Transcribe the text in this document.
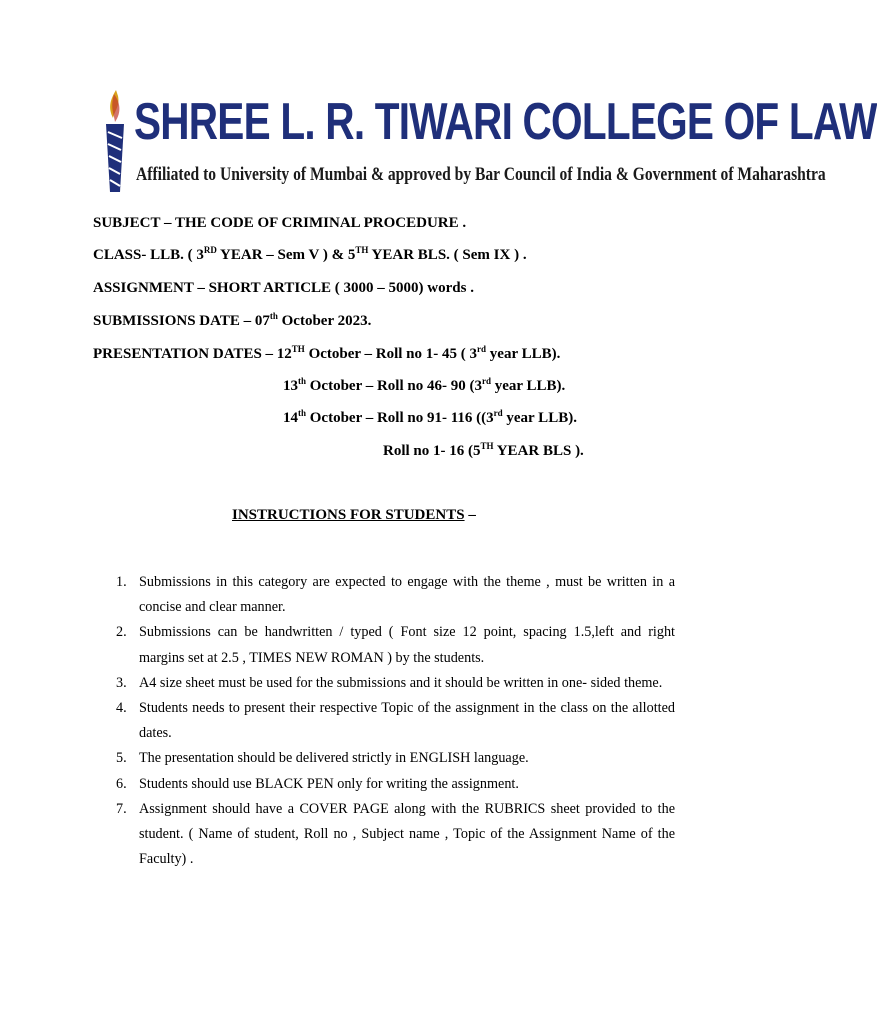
SHREE L. R. TIWARI COLLEGE OF LAW
Affiliated to University of Mumbai & approved by Bar Council of India & Government of Maharashtra
SUBJECT – THE CODE OF CRIMINAL PROCEDURE .
CLASS- LLB. ( 3RD YEAR – Sem V ) & 5TH YEAR BLS. ( Sem IX ) .
ASSIGNMENT – SHORT ARTICLE ( 3000 – 5000) words .
SUBMISSIONS DATE – 07th October 2023.
PRESENTATION DATES – 12TH October – Roll no 1- 45 ( 3rd year LLB).
13th October – Roll no 46- 90 (3rd year LLB).
14th October – Roll no 91- 116 ((3rd year LLB).
Roll no 1- 16 (5TH YEAR BLS ).
INSTRUCTIONS FOR STUDENTS –
1. Submissions in this category are expected to engage with the theme , must be written in a concise and clear manner.
2. Submissions can be handwritten / typed ( Font size 12 point, spacing 1.5,left and right margins set at 2.5 , TIMES NEW ROMAN ) by the students.
3. A4 size sheet must be used for the submissions and it should be written in one- sided theme.
4. Students needs to present their respective Topic of the assignment in the class on the allotted dates.
5. The presentation should be delivered strictly in ENGLISH language.
6. Students should use BLACK PEN only for writing the assignment.
7. Assignment should have a COVER PAGE along with the RUBRICS sheet provided to the student. ( Name of student, Roll no , Subject name , Topic of the Assignment Name of the Faculty) .
